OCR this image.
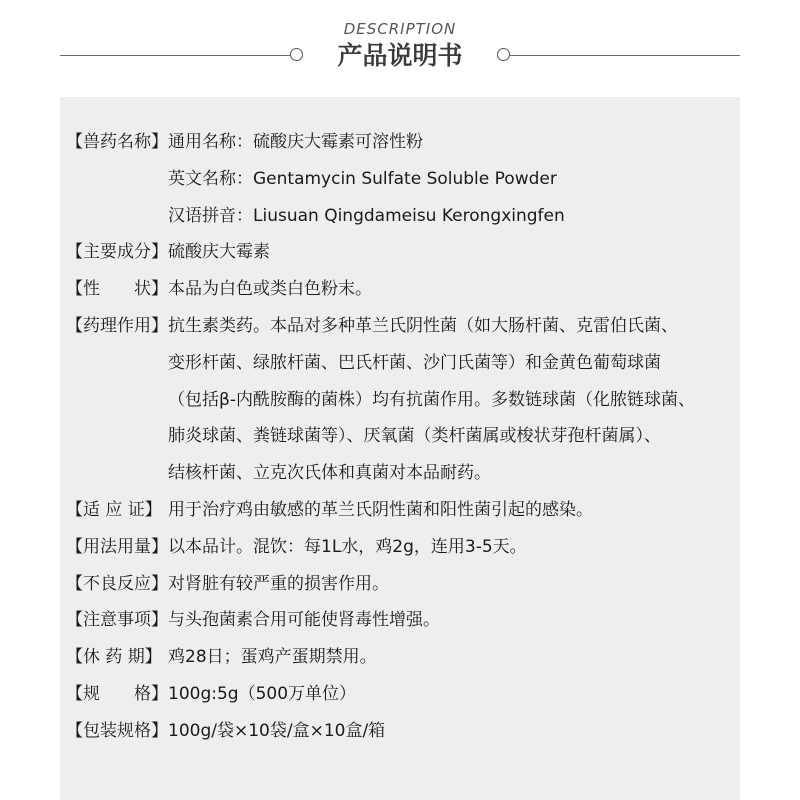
DESCRIPTION
产品说明书
【兽药名称】 通用名称：硫酸庆大霉素可溶性粉
英文名称：Gentamycin Sulfate Soluble Powder
汉语拼音：Liusuan Qingdameisu Kerongxingfen
【主要成分】 硫酸庆大霉素
【性　　状】 本品为白色或类白色粉末。
【药理作用】 抗生素类药。本品对多种革兰氏阴性菌（如大肠杆菌、克雷伯氏菌、
变形杆菌、绿脓杆菌、巴氏杆菌、沙门氏菌等）和金黄色葡萄球菌
（包括β-内酰胺酶的菌株）均有抗菌作用。多数链球菌（化脓链球菌、
肺炎球菌、粪链球菌等）、厌氧菌（类杆菌属或梭状芽孢杆菌属）、
结核杆菌、立克次氏体和真菌对本品耐药。
【适 应 证】 用于治疗鸡由敏感的革兰氏阴性菌和阳性菌引起的感染。
【用法用量】 以本品计。混饮：每1L水，鸡2g，连用3-5天。
【不良反应】 对肾脏有较严重的损害作用。
【注意事项】 与头孢菌素合用可能使肾毒性增强。
【休 药 期】 鸡28日；蛋鸡产蛋期禁用。
【规　　格】 100g:5g（500万单位）
【包装规格】 100g/袋×10袋/盒×10盒/箱
